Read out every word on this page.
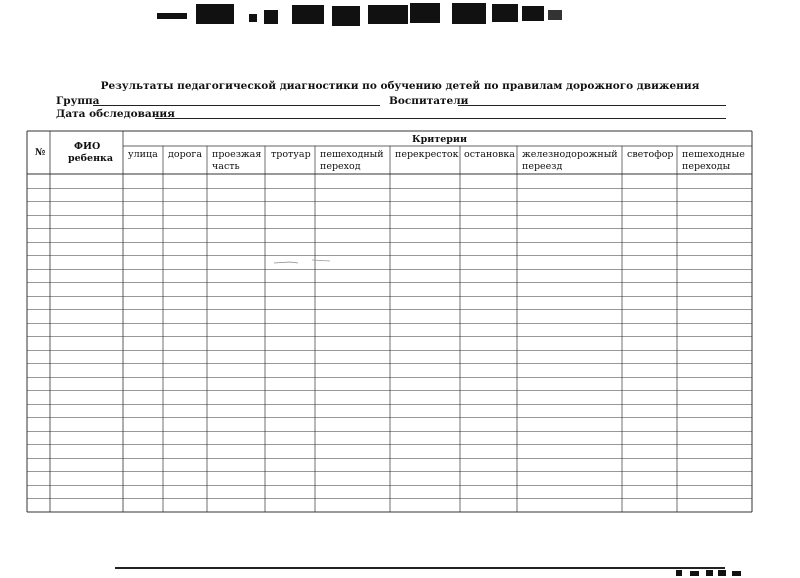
Результаты педагогической диагностики по обучению детей по правилам дорожного движения
Группа	Воспитатели
Дата обследования
№
ФИО
ребенка
Критерии
улица дорога проезжая
часть
тротуар пешеходный
переход
перекресток остановка железнодорожный
переезд
светофор пешеходные
переходы
